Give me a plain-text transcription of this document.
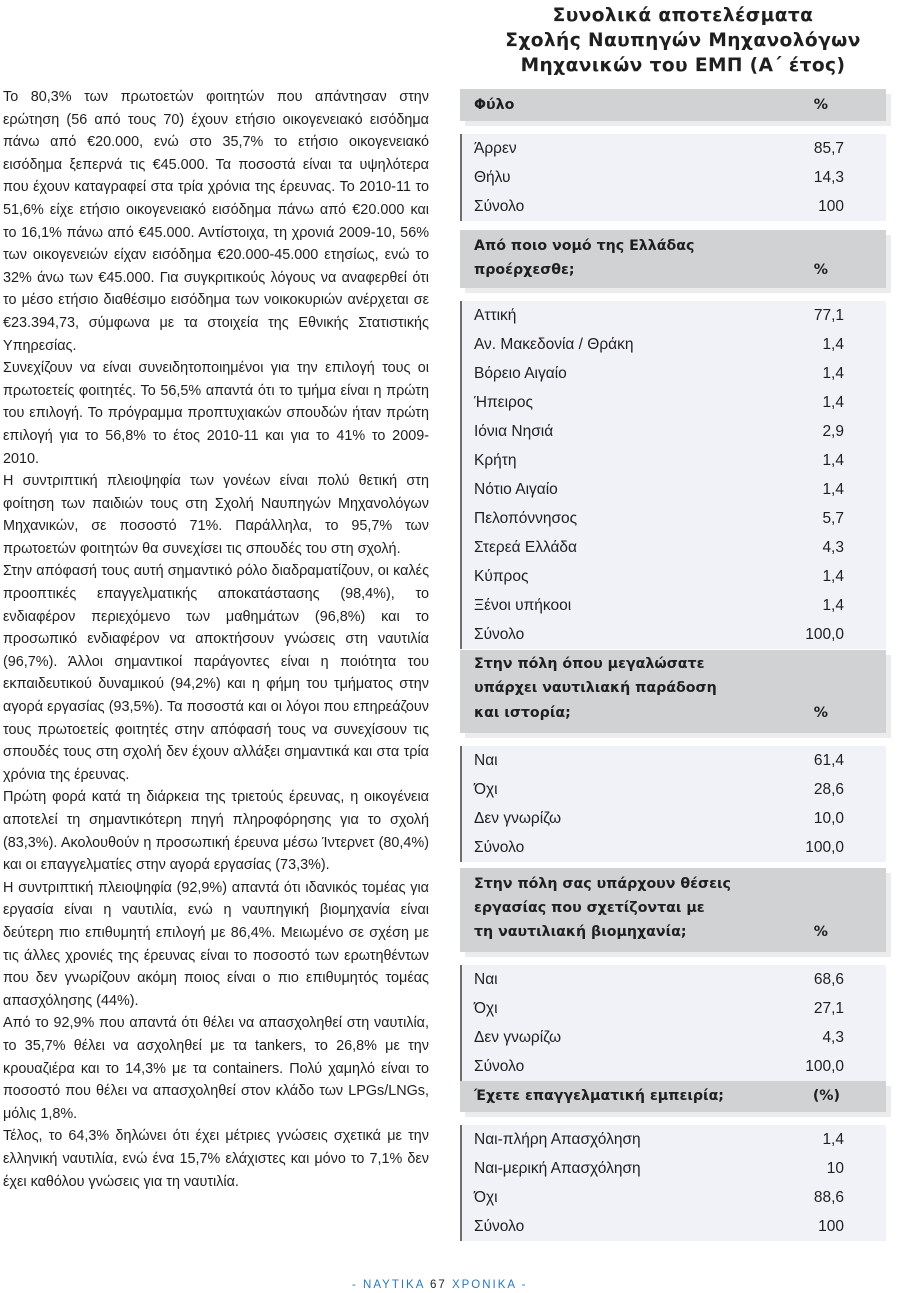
Το 80,3% των πρωτοετών φοιτητών που απάντησαν στην ερώτηση (56 από τους 70) έχουν ετήσιο οικογενειακό εισόδημα πάνω από €20.000, ενώ στο 35,7% το ετήσιο οικογενειακό εισόδημα ξεπερνά τις €45.000. Τα ποσοστά είναι τα υψηλότερα που έχουν καταγραφεί στα τρία χρόνια της έρευνας. Το 2010-11 το 51,6% είχε ετήσιο οικογενειακό εισόδημα πάνω από €20.000 και το 16,1% πάνω από €45.000. Αντίστοιχα, τη χρονιά 2009-10, 56% των οικογενειών είχαν εισόδημα €20.000-45.000 ετησίως, ενώ το 32% άνω των €45.000. Για συγκριτικούς λόγους να αναφερθεί ότι το μέσο ετήσιο διαθέσιμο εισόδημα των νοικοκυριών ανέρχεται σε €23.394,73, σύμφωνα με τα στοιχεία της Εθνικής Στατιστικής Υπηρεσίας.

Συνεχίζουν να είναι συνειδητοποιημένοι για την επιλογή τους οι πρωτοετείς φοιτητές. Το 56,5% απαντά ότι το τμήμα είναι η πρώτη του επιλογή. Το πρόγραμμα προπτυχιακών σπουδών ήταν πρώτη επιλογή για το 56,8% το έτος 2010-11 και για το 41% το 2009-2010.

Η συντριπτική πλειοψηφία των γονέων είναι πολύ θετική στη φοίτηση των παιδιών τους στη Σχολή Ναυπηγών Μηχανολόγων Μηχανικών, σε ποσοστό 71%. Παράλληλα, το 95,7% των πρωτοετών φοιτητών θα συνεχίσει τις σπουδές του στη σχολή.

Στην απόφασή τους αυτή σημαντικό ρόλο διαδραματίζουν, οι καλές προοπτικές επαγγελματικής αποκατάστασης (98,4%), το ενδιαφέρον περιεχόμενο των μαθημάτων (96,8%) και το προσωπικό ενδιαφέρον να αποκτήσουν γνώσεις στη ναυτιλία (96,7%). Άλλοι σημαντικοί παράγοντες είναι η ποιότητα του εκπαιδευτικού δυναμικού (94,2%) και η φήμη του τμήματος στην αγορά εργασίας (93,5%). Τα ποσοστά και οι λόγοι που επηρεάζουν τους πρωτοετείς φοιτητές στην απόφασή τους να συνεχίσουν τις σπουδές τους στη σχολή δεν έχουν αλλάξει σημαντικά και στα τρία χρόνια της έρευνας.

Πρώτη φορά κατά τη διάρκεια της τριετούς έρευνας, η οικογένεια αποτελεί τη σημαντικότερη πηγή πληροφόρησης για το σχολή (83,3%). Ακολουθούν η προσωπική έρευνα μέσω Ίντερνετ (80,4%) και οι επαγγελματίες στην αγορά εργασίας (73,3%).

Η συντριπτική πλειοψηφία (92,9%) απαντά ότι ιδανικός τομέας για εργασία είναι η ναυτιλία, ενώ η ναυπηγική βιομηχανία είναι δεύτερη πιο επιθυμητή επιλογή με 86,4%. Μειωμένο σε σχέση με τις άλλες χρονιές της έρευνας είναι το ποσοστό των ερωτηθέντων που δεν γνωρίζουν ακόμη ποιος είναι ο πιο επιθυμητός τομέας απασχόλησης (44%).

Από το 92,9% που απαντά ότι θέλει να απασχοληθεί στη ναυτιλία, το 35,7% θέλει να ασχοληθεί με τα tankers, το 26,8% με την κρουαζιέρα και το 14,3% με τα containers. Πολύ χαμηλό είναι το ποσοστό που θέλει να απασχοληθεί στον κλάδο των LPGs/LNGs, μόλις 1,8%.

Τέλος, το 64,3% δηλώνει ότι έχει μέτριες γνώσεις σχετικά με την ελληνική ναυτιλία, ενώ ένα 15,7% ελάχιστες και μόνο το 7,1% δεν έχει καθόλου γνώσεις για τη ναυτιλία.

Συνολικά αποτελέσματα
Σχολής Ναυπηγών Μηχανολόγων
Μηχανικών του ΕΜΠ (Α΄ έτος)
Φύλο	%
Άρρεν	85,7
Θήλυ	14,3
Σύνολο	100
Από ποιο νομό της Ελλάδας
προέρχεσθε;	%
Αττική	77,1
Αν. Μακεδονία / Θράκη	1,4
Βόρειο Αιγαίο	1,4
Ήπειρος	1,4
Ιόνια Νησιά	2,9
Κρήτη	1,4
Νότιο Αιγαίο	1,4
Πελοπόννησος	5,7
Στερεά Ελλάδα	4,3
Κύπρος	1,4
Ξένοι υπήκοοι	1,4
Σύνολο	100,0
Στην πόλη όπου μεγαλώσατε
υπάρχει ναυτιλιακή παράδοση
και ιστορία;	%
Ναι	61,4
Όχι	28,6
Δεν γνωρίζω	10,0
Σύνολο	100,0
Στην πόλη σας υπάρχουν θέσεις
εργασίας που σχετίζονται με
τη ναυτιλιακή βιομηχανία;	%
Ναι	68,6
Όχι	27,1
Δεν γνωρίζω	4,3
Σύνολο	100,0
Έχετε επαγγελματική εμπειρία;	(%)
Ναι-πλήρη Απασχόληση	1,4
Ναι-μερική Απασχόληση	10
Όχι	88,6
Σύνολο	100
- ΝΑΥΤΙΚΑ 67 ΧΡΟΝΙΚΑ -
